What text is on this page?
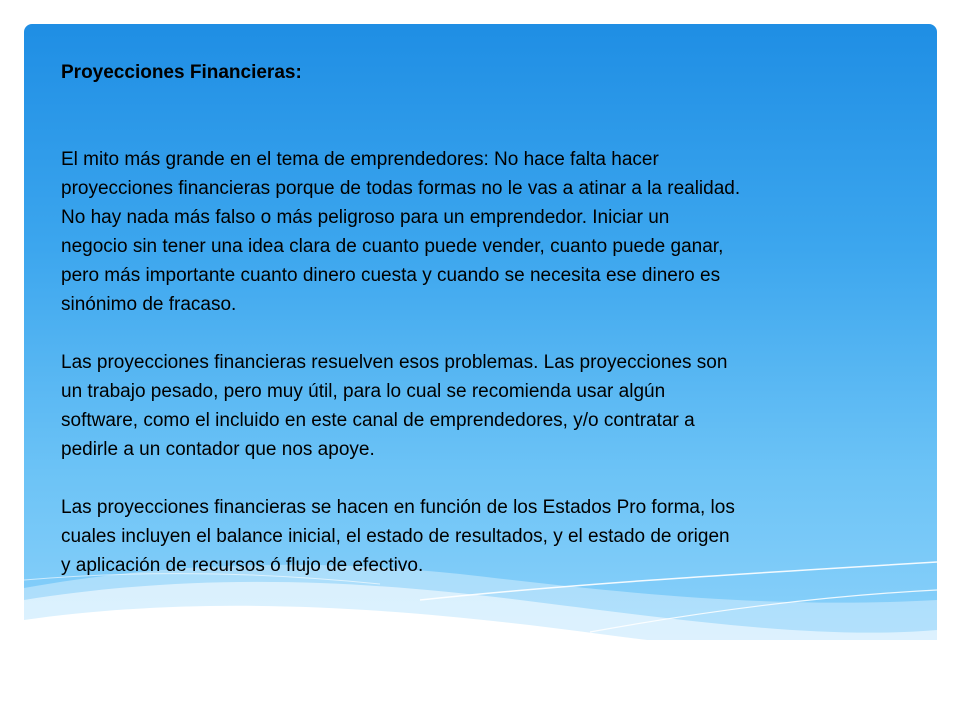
Proyecciones Financieras:
El mito más grande en el tema de emprendedores: No hace falta hacer
proyecciones financieras porque de todas formas no le vas a atinar a la realidad.
No hay nada más falso o más peligroso para un emprendedor. Iniciar un
negocio sin tener una idea clara de cuanto puede vender, cuanto puede ganar,
pero más importante cuanto dinero cuesta y cuando se necesita ese dinero es
sinónimo de fracaso.
Las proyecciones financieras resuelven esos problemas. Las proyecciones son
un trabajo pesado, pero muy útil, para lo cual se recomienda usar algún
software, como el incluido en este canal de emprendedores, y/o contratar a
pedirle a un contador que nos apoye.
Las proyecciones financieras se hacen en función de los Estados Pro forma, los
cuales incluyen el balance inicial, el estado de resultados, y el estado de origen
y aplicación de recursos ó flujo de efectivo.
